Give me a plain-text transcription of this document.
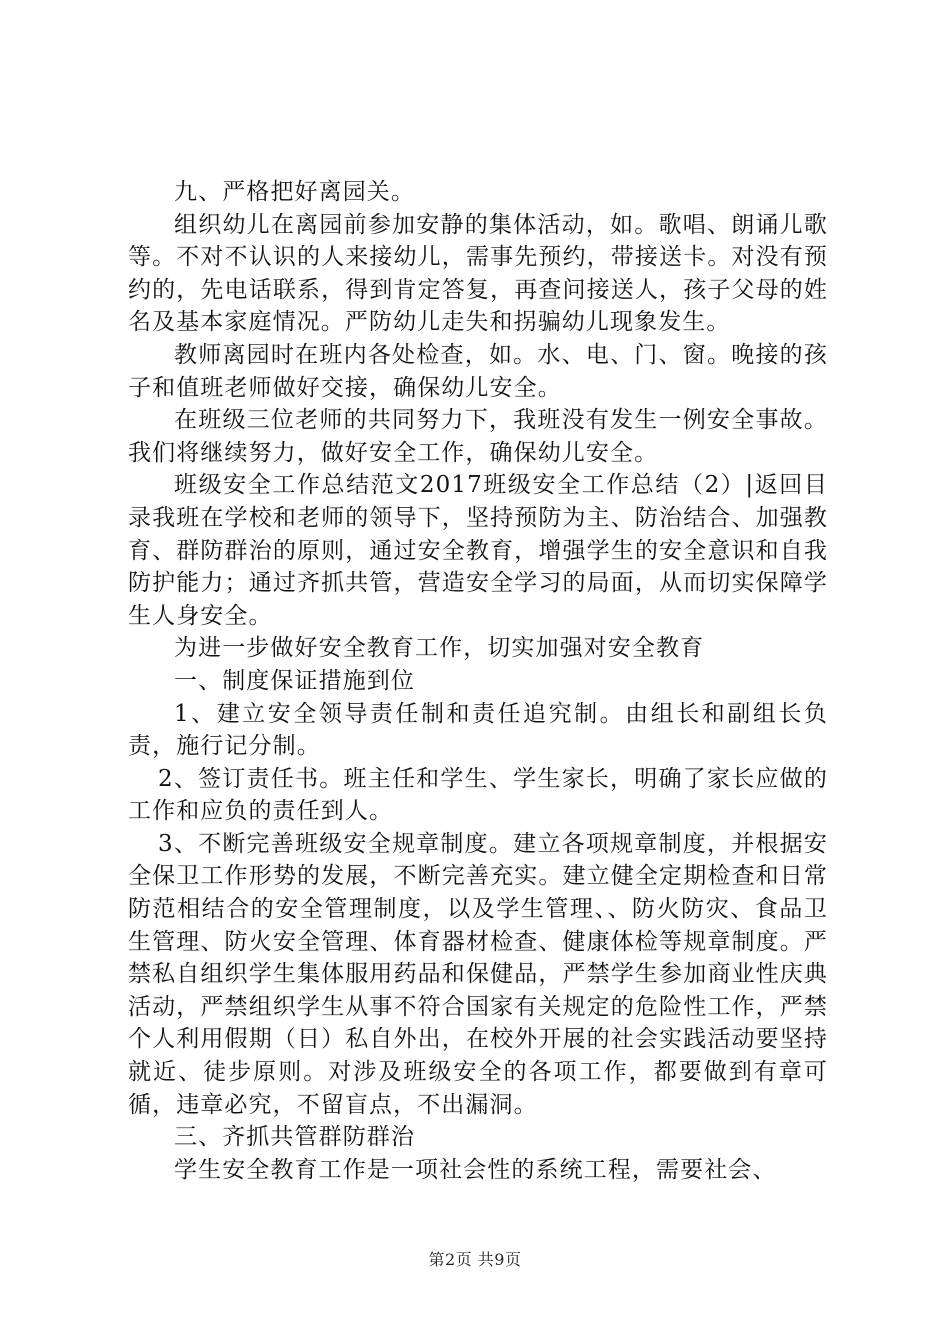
九、严格把好离园关。

组织幼儿在离园前参加安静的集体活动，如。歌唱、朗诵儿歌等。不对不认识的人来接幼儿，需事先预约，带接送卡。对没有预约的，先电话联系，得到肯定答复，再查问接送人，孩子父母的姓名及基本家庭情况。严防幼儿走失和拐骗幼儿现象发生。

教师离园时在班内各处检查，如。水、电、门、窗。晚接的孩子和值班老师做好交接，确保幼儿安全。

在班级三位老师的共同努力下，我班没有发生一例安全事故。我们将继续努力，做好安全工作，确保幼儿安全。

班级安全工作总结范文2017班级安全工作总结（2）|返回目录我班在学校和老师的领导下，坚持预防为主、防治结合、加强教育、群防群治的原则，通过安全教育，增强学生的安全意识和自我防护能力；通过齐抓共管，营造安全学习的局面，从而切实保障学生人身安全。

为进一步做好安全教育工作，切实加强对安全教育

一、制度保证措施到位

1、建立安全领导责任制和责任追究制。由组长和副组长负责，施行记分制。

2、签订责任书。班主任和学生、学生家长，明确了家长应做的工作和应负的责任到人。

3、不断完善班级安全规章制度。建立各项规章制度，并根据安全保卫工作形势的发展，不断完善充实。建立健全定期检查和日常防范相结合的安全管理制度，以及学生管理、、防火防灾、食品卫生管理、防火安全管理、体育器材检查、健康体检等规章制度。严禁私自组织学生集体服用药品和保健品，严禁学生参加商业性庆典活动，严禁组织学生从事不符合国家有关规定的危险性工作，严禁个人利用假期（日）私自外出，在校外开展的社会实践活动要坚持就近、徒步原则。对涉及班级安全的各项工作，都要做到有章可循，违章必究，不留盲点，不出漏洞。

三、齐抓共管群防群治

学生安全教育工作是一项社会性的系统工程，需要社会、

第2页 共9页
